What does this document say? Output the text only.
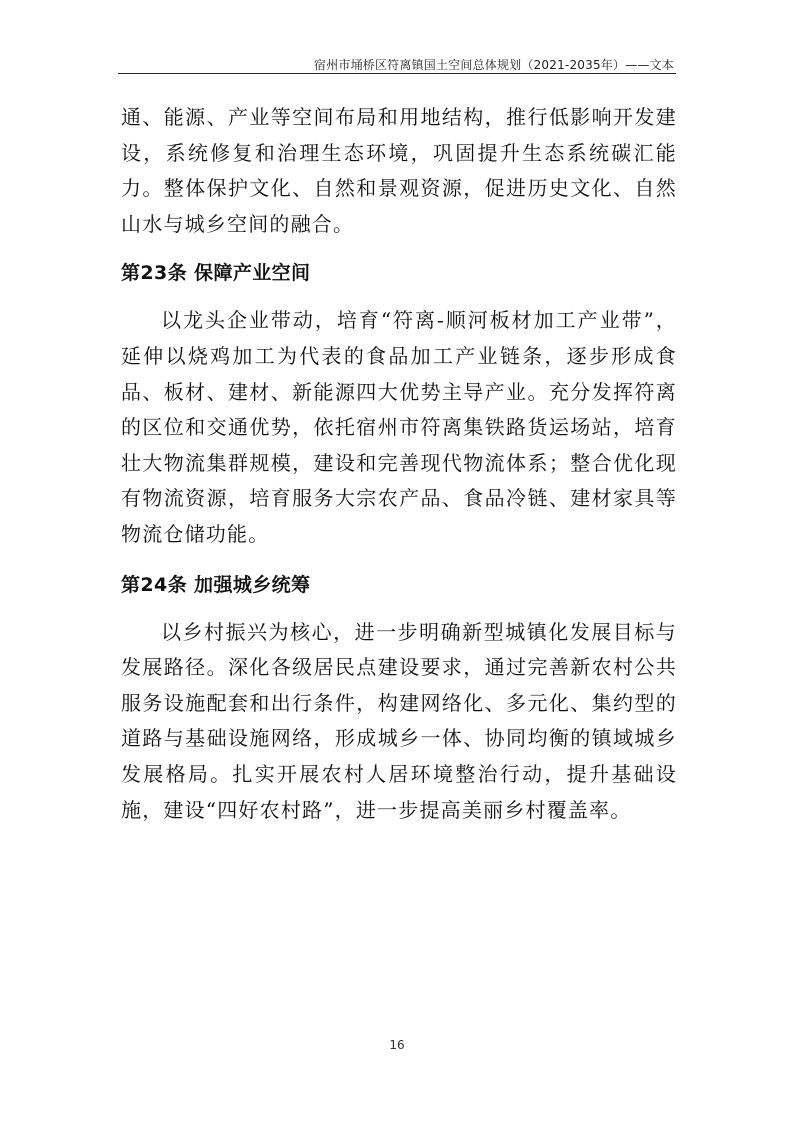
宿州市埇桥区符离镇国土空间总体规划（2021-2035年）——文本

通、能源、产业等空间布局和用地结构，推行低影响开发建设，系统修复和治理生态环境，巩固提升生态系统碳汇能力。整体保护文化、自然和景观资源，促进历史文化、自然山水与城乡空间的融合。

第23条 保障产业空间

以龙头企业带动，培育“符离-顺河板材加工产业带”，延伸以烧鸡加工为代表的食品加工产业链条，逐步形成食品、板材、建材、新能源四大优势主导产业。充分发挥符离的区位和交通优势，依托宿州市符离集铁路货运场站，培育壮大物流集群规模，建设和完善现代物流体系；整合优化现有物流资源，培育服务大宗农产品、食品冷链、建材家具等物流仓储功能。

第24条 加强城乡统筹

以乡村振兴为核心，进一步明确新型城镇化发展目标与发展路径。深化各级居民点建设要求，通过完善新农村公共服务设施配套和出行条件，构建网络化、多元化、集约型的道路与基础设施网络，形成城乡一体、协同均衡的镇域城乡发展格局。扎实开展农村人居环境整治行动，提升基础设施，建设“四好农村路”，进一步提高美丽乡村覆盖率。

16
